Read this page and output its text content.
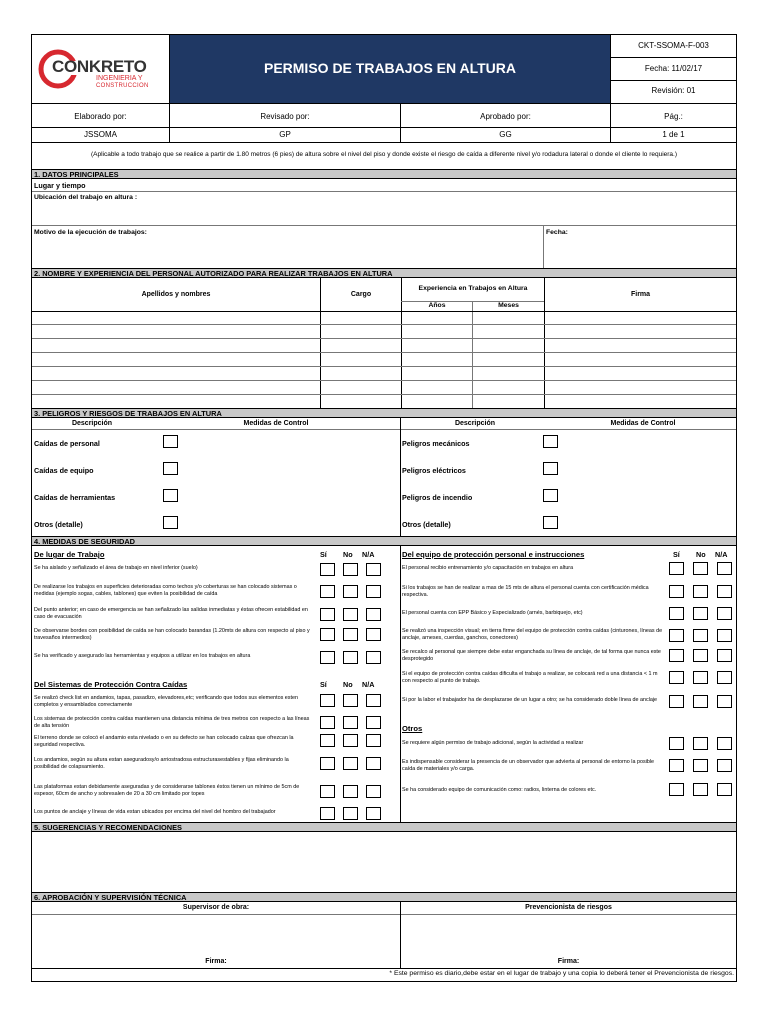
CONKRETO
INGENIERIA Y
CONSTRUCCION
PERMISO DE TRABAJOS EN ALTURA
CKT-SSOMA-F-003
Fecha: 11/02/17
Revisión: 01
Elaborado por:	Revisado por:	Aprobado por:	Pág.:
JSSOMA	GP	GG	1 de 1
(Aplicable a todo trabajo que se realice a partir de 1.80 metros (6 pies) de altura sobre el nivel del piso y donde existe el riesgo de caída a diferente nivel y/o rodadura lateral o donde el cliente lo requiera.)
1. DATOS PRINCIPALES
Lugar y tiempo
Ubicación del trabajo en altura :
Motivo de la ejecución de trabajos:	Fecha:
2. NOMBRE Y EXPERIENCIA DEL PERSONAL AUTORIZADO PARA REALIZAR TRABAJOS EN ALTURA
Apellidos y nombres	Cargo
Experiencia en Trabajos en Altura
Años	Meses
Firma
3. PELIGROS Y RIESGOS DE TRABAJOS EN ALTURA
Descripción	Medidas de Control	Descripción	Medidas de Control
Caídas de personal
Caídas de equipo
Caídas de herramientas
Otros (detalle)
Peligros mecánicos
Peligros eléctricos
Peligros de incendio
Otros (detalle)
4. MEDIDAS DE SEGURIDAD
De lugar de Trabajo	Sí No N/A
Se ha aislado y señalizado el área de trabajo en nivel inferior (suelo)
De realizarse los trabajos en superficies deterioradas como techos y/o coberturas se han colocado sistemas o medidas (ejemplo sogas, cables, tablones) que eviten la posibilidad de caída
Del punto anterior; en caso de emergencia se han señalizado las salidas inmediatas y éstas ofrecen estabilidad en caso de evacuación
De observarse bordes con posibilidad de caída se han colocado barandas (1.20mts de altura con respecto al piso y travesaños intermedios)
Se ha verificado y asegurado las herramientas y equipos a utilizar en los trabajos en altura
Del Sistemas de Protección Contra Caídas	Sí No N/A
Se realizó check list en andamios, tapas, pasadizo, elevadores,etc; verificando que todos sus elementos esten completos y ensamblados correctamente
Los sistemas de protección contra caídas mantienen una distancia mínima de tres metros con respecto a las líneas de alta tensión
El terreno donde se colocó el andamio esta nivelado o en su defecto se han colocado calzas que ofrezcan la seguridad respectiva.
Los andamios, según su altura estan aseguradosy/o arriostradosa estructurasestables y fijas eliminando la posibilidad de colapsamiento.
Las plataformas estan debidamente aseguradas y de considerarse tablones éstos tienen un mínimo de 5cm de espesor, 60cm de ancho y sobresalen de 20 a 30 cm limitado por topes
Los puntos de anclaje y líneas de vida estan ubicados por encima del nivel del hombro del trabajador
Del equipo de protección personal e instrucciones	Sí No N/A
El personal recibio entrenamiento y/o capacitación en trabajos en altura
Si los trabajos se han de realizar a mas de 15 mts de altura el personal cuenta con certificación médica respectiva.
El personal cuenta con EPP Básico y Especializado (arnés, barbiquejo, etc)
Se realizó una inspección visual; en tierra firme del equipo de protección contra caídas (cinturones, líneas de anclaje, arneses, cuerdas, ganchos, conectores)
Se recalco al personal que siempre debe estar enganchada su línea de anclaje, de tal forma que nunca este desprotegido
Si el equipo de protección contra caídas dificulta el trabajo a realizar, se colocará red a una distancia < 1 m con respecto al punto de trabajo.
Si por la labor el trabajador ha de desplazarse de un lugar a otro; se ha considerado doble línea de anclaje
Otros
Se requiere algún permiso de trabajo adicional, según la actividad a realizar
Es indispensable considerar la presencia de un observador que advierta al personal de entorno la posible caída de materiales y/o carga.
Se ha considerado equipo de comunicación como: radios, linterna de colores etc.
5. SUGERENCIAS Y RECOMENDACIONES
6. APROBACIÓN Y SUPERVISIÓN TÉCNICA
Supervisor de obra:	Prevencionista de riesgos
Firma:	Firma:
* Este permiso es diario,debe estar en el lugar de trabajo y una copia lo deberá tener el Prevencionista de riesgos.
